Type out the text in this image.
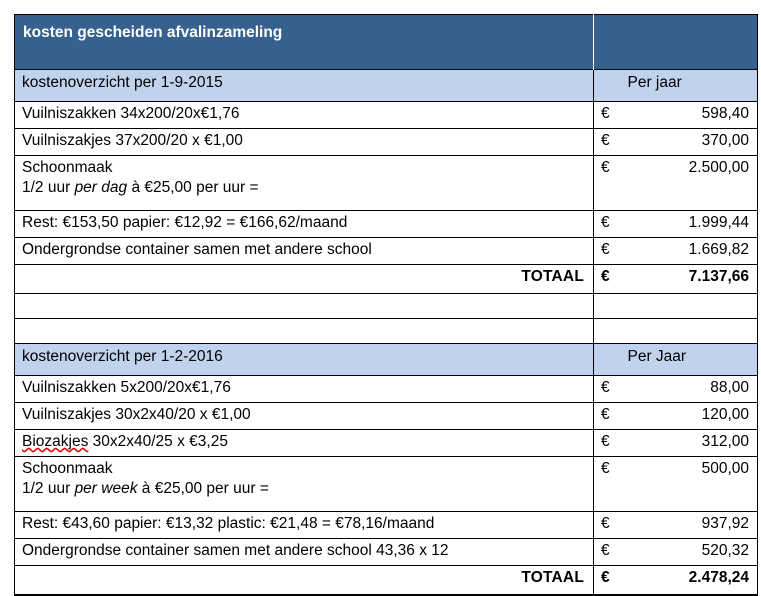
kosten gescheiden afvalinzameling		
kostenoverzicht per 1-9-2015		Per jaar
Vuilniszakken 34x200/20x€1,76	€	598,40
Vuilniszakjes 37x200/20 x €1,00	€	370,00
Schoonmaak
1/2 uur per dag à €25,00 per uur =	€	2.500,00
Rest: €153,50 papier: €12,92 = €166,62/maand	€	1.999,44
Ondergrondse container samen met andere school	€	1.669,82
TOTAAL	€	7.137,66

kostenoverzicht per 1-2-2016		Per Jaar
Vuilniszakken 5x200/20x€1,76	€	88,00
Vuilniszakjes 30x2x40/20 x €1,00	€	120,00
Biozakjes 30x2x40/25 x €3,25	€	312,00
Schoonmaak
1/2 uur per week à €25,00 per uur =	€	500,00
Rest: €43,60 papier: €13,32 plastic: €21,48 = €78,16/maand	€	937,92
Ondergrondse container samen met andere school 43,36 x 12	€	520,32
TOTAAL	€	2.478,24
